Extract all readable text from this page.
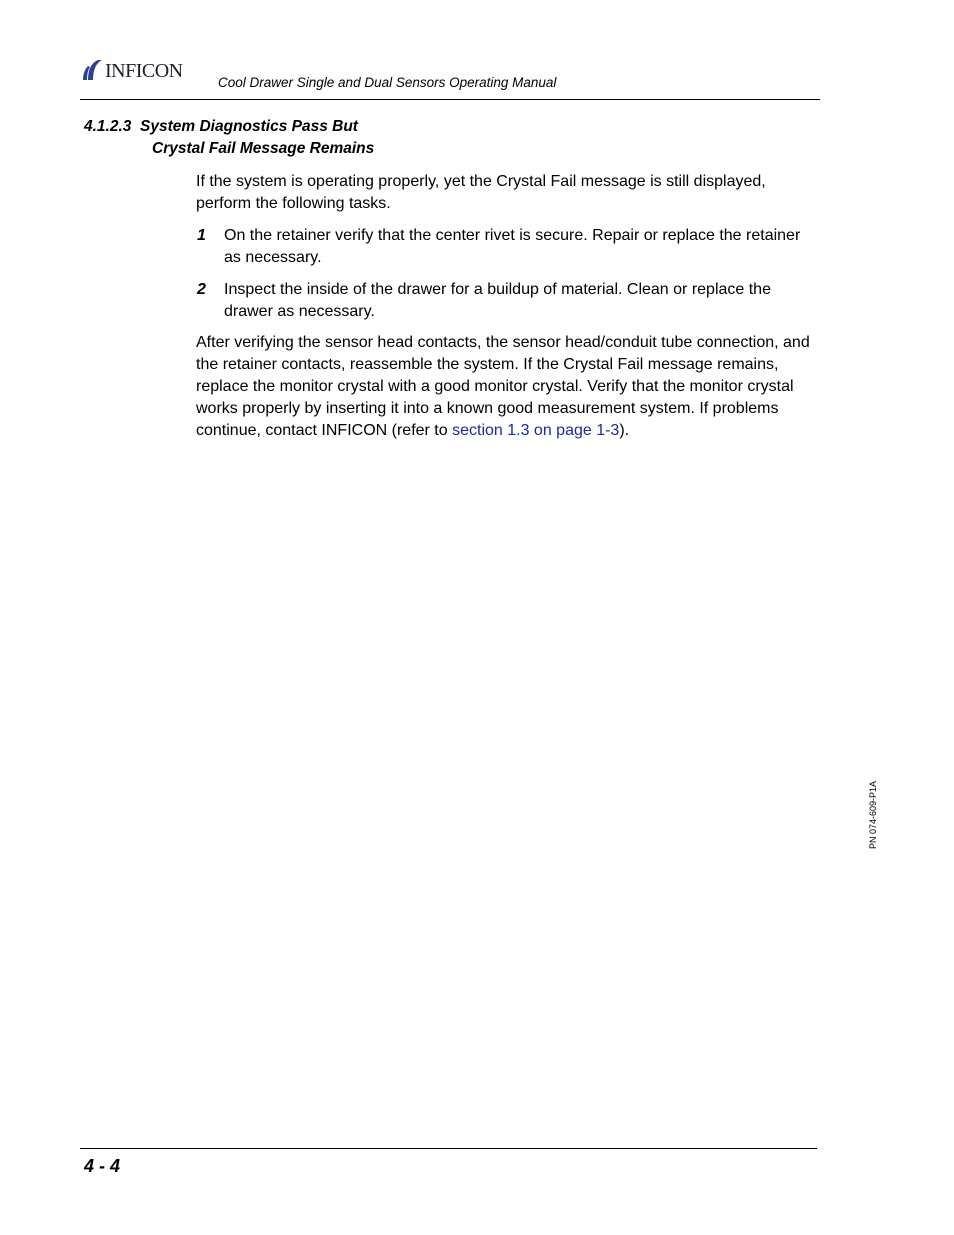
INFICON
Cool Drawer Single and Dual Sensors Operating Manual
4.1.2.3 System Diagnostics Pass But
Crystal Fail Message Remains
If the system is operating properly, yet the Crystal Fail message is still displayed, perform the following tasks.
1 On the retainer verify that the center rivet is secure. Repair or replace the retainer as necessary.
2 Inspect the inside of the drawer for a buildup of material. Clean or replace the drawer as necessary.
After verifying the sensor head contacts, the sensor head/conduit tube connection, and the retainer contacts, reassemble the system. If the Crystal Fail message remains, replace the monitor crystal with a good monitor crystal. Verify that the monitor crystal works properly by inserting it into a known good measurement system. If problems continue, contact INFICON (refer to section 1.3 on page 1-3).
PN 074-609-P1A
4 - 4
